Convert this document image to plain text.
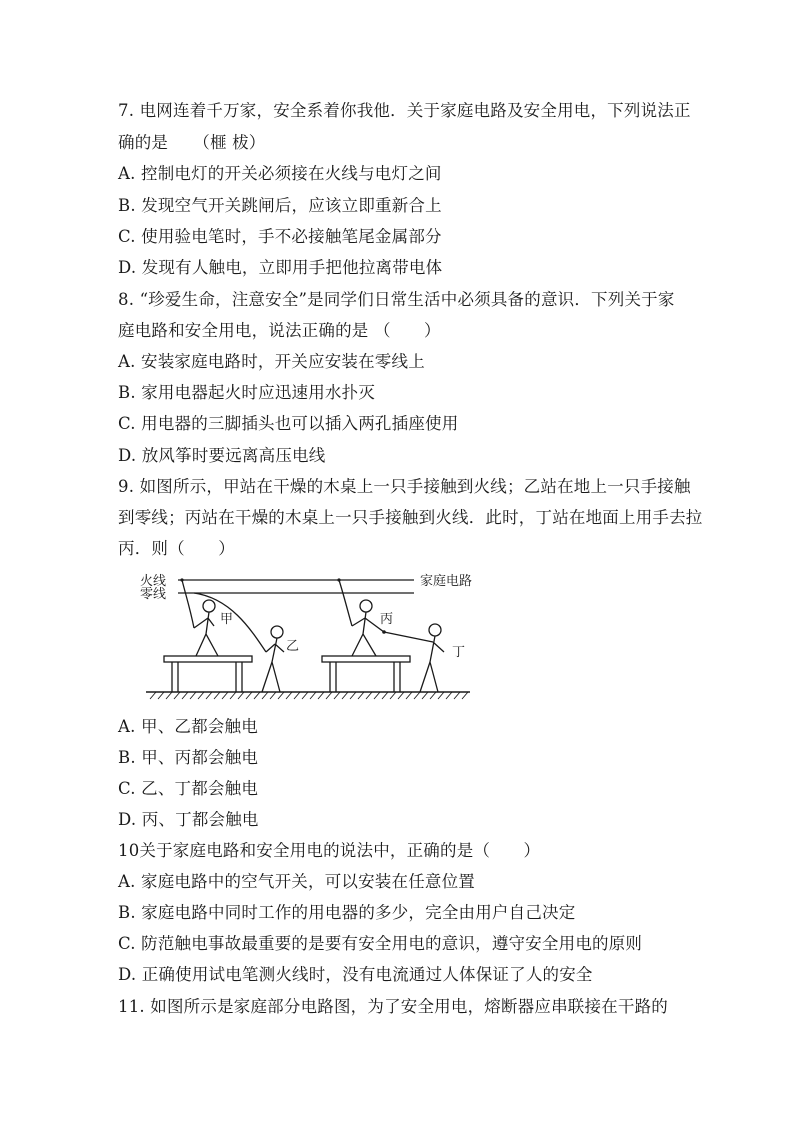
7. 电网连着千万家，安全系着你我他．关于家庭电路及安全用电，下列说法正
确的是　　（榧 柭）
A. 控制电灯的开关必须接在火线与电灯之间
B. 发现空气开关跳闸后，应该立即重新合上
C. 使用验电笔时，手不必接触笔尾金属部分
D. 发现有人触电，立即用手把他拉离带电体
8. “珍爱生命，注意安全”是同学们日常生活中必须具备的意识．下列关于家
庭电路和安全用电，说法正确的是 （　　）
A. 安装家庭电路时，开关应安装在零线上
B. 家用电器起火时应迅速用水扑灭
C. 用电器的三脚插头也可以插入两孔插座使用
D. 放风筝时要远离高压电线
9. 如图所示，甲站在干燥的木桌上一只手接触到火线；乙站在地上一只手接触
到零线；丙站在干燥的木桌上一只手接触到火线．此时，丁站在地面上用手去拉
丙．则（　　）
火线
零线
家庭电路
甲
乙
丙
丁
A. 甲、乙都会触电
B. 甲、丙都会触电
C. 乙、丁都会触电
D. 丙、丁都会触电
10关于家庭电路和安全用电的说法中，正确的是（　　）
A. 家庭电路中的空气开关，可以安装在任意位置
B. 家庭电路中同时工作的用电器的多少，完全由用户自己决定
C. 防范触电事故最重要的是要有安全用电的意识，遵守安全用电的原则
D. 正确使用试电笔测火线时，没有电流通过人体保证了人的安全
11. 如图所示是家庭部分电路图，为了安全用电，熔断器应串联接在干路的
